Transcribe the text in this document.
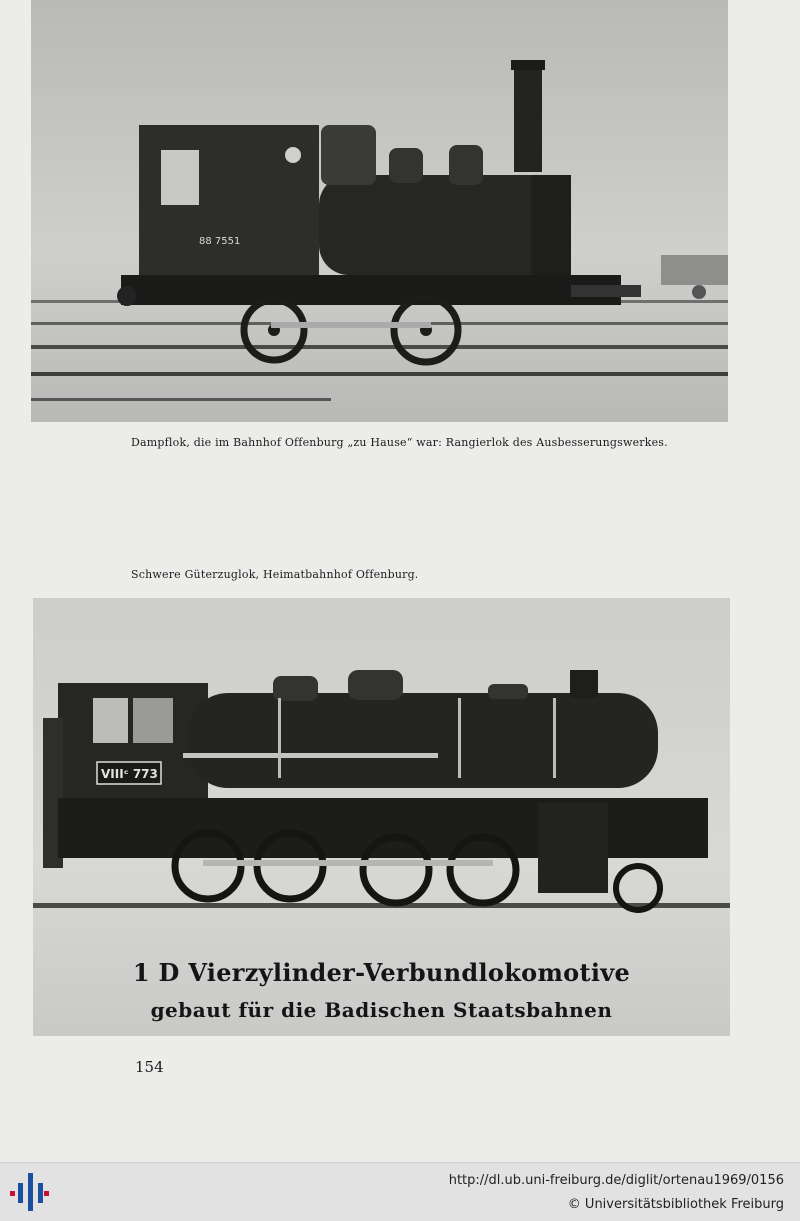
88 7551
Dampflok, die im Bahnhof Offenburg „zu Hause“ war: Rangierlok des Ausbesserungswerkes.
Schwere Güterzuglok, Heimatbahnhof Offenburg.
VIIIᶜ 773
1 D Vierzylinder-Verbundlokomotive
gebaut für die Badischen Staatsbahnen
154
http://dl.ub.uni-freiburg.de/diglit/ortenau1969/0156
© Universitätsbibliothek Freiburg
